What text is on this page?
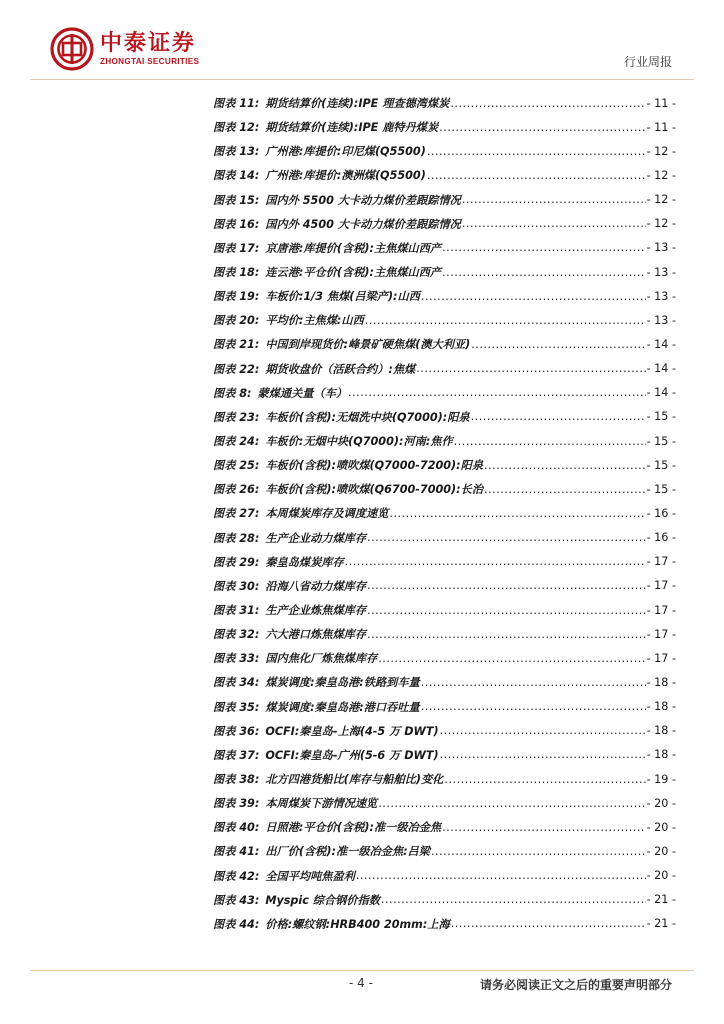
中泰证券
ZHONGTAI SECURITIES	行业周报
图表 11: 期货结算价(连续):IPE 理查德湾煤炭 .....	- 11 -
图表 12: 期货结算价(连续):IPE 鹿特丹煤炭 .....	- 11 -
图表 13: 广州港:库提价:印尼煤(Q5500) .....	- 12 -
图表 14: 广州港:库提价:澳洲煤(Q5500) .....	- 12 -
图表 15: 国内外 5500 大卡动力煤价差跟踪情况 .....	- 12 -
图表 16: 国内外 4500 大卡动力煤价差跟踪情况 .....	- 12 -
图表 17: 京唐港:库提价(含税):主焦煤山西产 .....	- 13 -
图表 18: 连云港:平仓价(含税):主焦煤山西产 .....	- 13 -
图表 19: 车板价:1/3 焦煤(吕梁产):山西 .....	- 13 -
图表 20: 平均价:主焦煤:山西 .....	- 13 -
图表 21: 中国到岸现货价:峰景矿硬焦煤(澳大利亚) .....	- 14 -
图表 22: 期货收盘价（活跃合约）:焦煤 .....	- 14 -
图表 8: 蒙煤通关量（车） .....	- 14 -
图表 23: 车板价(含税):无烟洗中块(Q7000):阳泉 .....	- 15 -
图表 24: 车板价:无烟中块(Q7000):河南:焦作 .....	- 15 -
图表 25: 车板价(含税):喷吹煤(Q7000-7200):阳泉 .....	- 15 -
图表 26: 车板价(含税):喷吹煤(Q6700-7000):长治 .....	- 15 -
图表 27: 本周煤炭库存及调度速览 .....	- 16 -
图表 28: 生产企业动力煤库存 .....	- 16 -
图表 29: 秦皇岛煤炭库存 .....	- 17 -
图表 30: 沿海八省动力煤库存 .....	- 17 -
图表 31: 生产企业炼焦煤库存 .....	- 17 -
图表 32: 六大港口炼焦煤库存 .....	- 17 -
图表 33: 国内焦化厂炼焦煤库存 .....	- 17 -
图表 34: 煤炭调度:秦皇岛港:铁路到车量 .....	- 18 -
图表 35: 煤炭调度:秦皇岛港:港口吞吐量 .....	- 18 -
图表 36: OCFI:秦皇岛-上海(4-5 万 DWT) .....	- 18 -
图表 37: OCFI:秦皇岛-广州(5-6 万 DWT) .....	- 18 -
图表 38: 北方四港货船比(库存与船舶比)变化 .....	- 19 -
图表 39: 本周煤炭下游情况速览 .....	- 20 -
图表 40: 日照港:平仓价(含税):准一级冶金焦 .....	- 20 -
图表 41: 出厂价(含税):准一级冶金焦:吕梁 .....	- 20 -
图表 42: 全国平均吨焦盈利 .....	- 20 -
图表 43: Myspic 综合钢价指数 .....	- 21 -
图表 44: 价格:螺纹钢:HRB400 20mm:上海 .....	- 21 -
- 4 -	请务必阅读正文之后的重要声明部分
